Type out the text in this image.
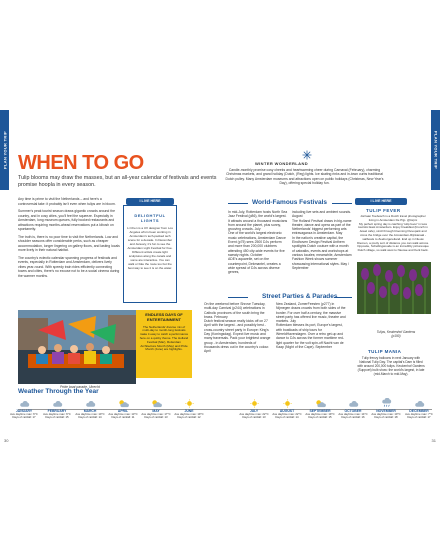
PLAN YOUR TRIP	PLAN YOUR TRIP
WHEN TO GO
Tulip blooms may draw the masses, but an all-year calendar of festivals and events promise hoopla in every season.

Any time is prime to visit the Netherlands – and here's a controversial take: it probably isn't even when tulips are in bloom.

Summer's peak tourist season draws gigantic crowds around the country, and in cosy cities, you'll feel the squeeze. Especially in Amsterdam, long museum queues, fully booked restaurants and attractions requiring months-ahead reservations put a kibosh on spontaneity.

The truth is, there is no poor time to visit the Netherlands. Low and shoulder seasons offer considerable perks, such as cheaper accommodation, longer lingering on gallery floors, and lasting locals more lively in their natural habitat.

The country's eclectic calendar spanning progress of festivals and events, especially in Rotterdam and Amsterdam, delivers lively vibes year-round. With speedy train rides efficiently connecting towns and cities, there's no excuse not to be a social cinema during the warmer months.

DELIGHTFUL LIGHTS
Li Chen is a UX designer from Los Angeles who's been working in Amsterdam's tech-packed tech scene for a decade. In December and January, it's fun to see the Amsterdam Light Festival for free. Different artists create light sculptures along the canals and some are interactive. You can walk or bike the route too but the best way to see it is on the water.
I LIVE HERE
Pride boat parade, Utrecht
ENDLESS DAYS OF ENTERTAINMENT
The Netherlands' diverse mix of multi-day to month-long festivals make it easy to catch a performance here on a quirky theme. The Holland Festival (Mar), Rotterdam Architecture Month (May) and Pride Month (June) are highlights.
WINTER WONDERLAND
Candle-monthly promise cosy cheeks and heartwarming cheer during Carnaval (February), charming Christmas markets, and grand holiday (Dutch, (Reg) lights. Ice skating rinks and in-town curbs traditional Dutch pulley. Many Amsterdam museums and attractions open on public holidays (Christmas, New Year's Day), offering special holiday fun.
World-Famous Festivals
In mid-July, Rotterdam hosts North Sea Jazz Festival (p86), the world's largest. It attracts around a thousand musicians from around the planet, plus sunny, grooving crowds. July
One of the world's largest electronic music celebrations, Amsterdam Dance Event (p75) sees 2500 DJs perform and more than 200,000 clubbers attending 450 city-wide events for five sweaty nights. October
ADE's aquarelle, set on the counterpoint, Dekmantel, creates a wide spread of DJs across diverse genres,
including live sets and ambient sounds. August
The Holland Festival draws in big-name theatre, dance and opera as part of the Netherlands' biggest performing arts extravaganza in Amsterdam. May
In the nation's creative capital, the Eindhoven Design Festival Anthem spotlights Dutch couture with a month of catwalks, events and workshops at various locales; meanwhile, Amsterdam Fashion Week shows summer showcasing international styles. May / September
Street Parties & Parades
On the weekend before Shrove Tuesday, multi-day Carnival (p244) celebrations in Catholic provinces of the south bring the brass. February
Dutch festival season really kicks off on 27 April with the largest - and possibly best - cross-country street party in Europe: King's Day (Koningsdag). Expect live music and many traversals. Pack your brightest orange group - in Amsterdam, hundreds of thousands dress out in the country's colour. April
New Zealand, ZomerFeesten (p277) in Nijmegen draws crowds from both sides of the border. For over half a century, the massive street party has offered live music, theatre and markets. July
Rotterdam blesses its port, Europe's largest, with boatloads of ship tours for WereldHavendagen. Over a retro get-up and dance to DJs across the former maritime red-light quarter for the volt spin-off Nacht van de Kaap (Night of the Cape). September
I LIVE HERE
TULIP FEVER
Jorriaan Toebosch is a Dutch travel photographer living in Amsterdam De Pijp. @lorpix
My perfect spring day is catching 'tulip fever' in less touristic East Amsterdam. Enjoy breakfast (brunch in Jewel cafe), stroll through blooming Flevopark and cross the bridge over the Amsterdam-Rijnkanaal - sailboats to Zeeburgereiland. End up in Nieuw Diemen, a pretty sort of distance you can walk across. Opposite, Schellingwoude is an incredibly picturesque Dutch village, so walk west to Nieuwe and Kerk back.
Tulips, Keukenhof Gardens (p190)
TULIP MANIA
Tulip frenzy balloons in next January with National Tulip Day. The capital's Dam is filled with around 200,000 tulips. Keukenhof Gardens (Suppoet) bulb show: the world's largest, in late (mid-March to mid-May).
Weather Through the Year
JANUARY
Ave daytime max: 6°C
Days of rainfall: 17
FEBRUARY
Ave daytime max: 6°C
Days of rainfall: 15
MARCH
Ave daytime max: 10°C
Days of rainfall: 14
APRIL
Ave daytime max: 13°C
Days of rainfall: 11
MAY
Ave daytime max: 17°C
Days of rainfall: 13
JUNE
Ave daytime max: 19°C
Days of rainfall: 12
JULY
Ave daytime max: 22°C
Days of rainfall: 13
AUGUST
Ave daytime max: 22°C
Days of rainfall: 14
SEPTEMBER
Ave daytime max: 19°C
Days of rainfall: 15
OCTOBER
Ave daytime max: 14°C
Days of rainfall: 16
NOVEMBER
Ave daytime max: 10°C
Days of rainfall: 18
DECEMBER
Ave daytime max: 7°C
Days of rainfall: 17
30	31
